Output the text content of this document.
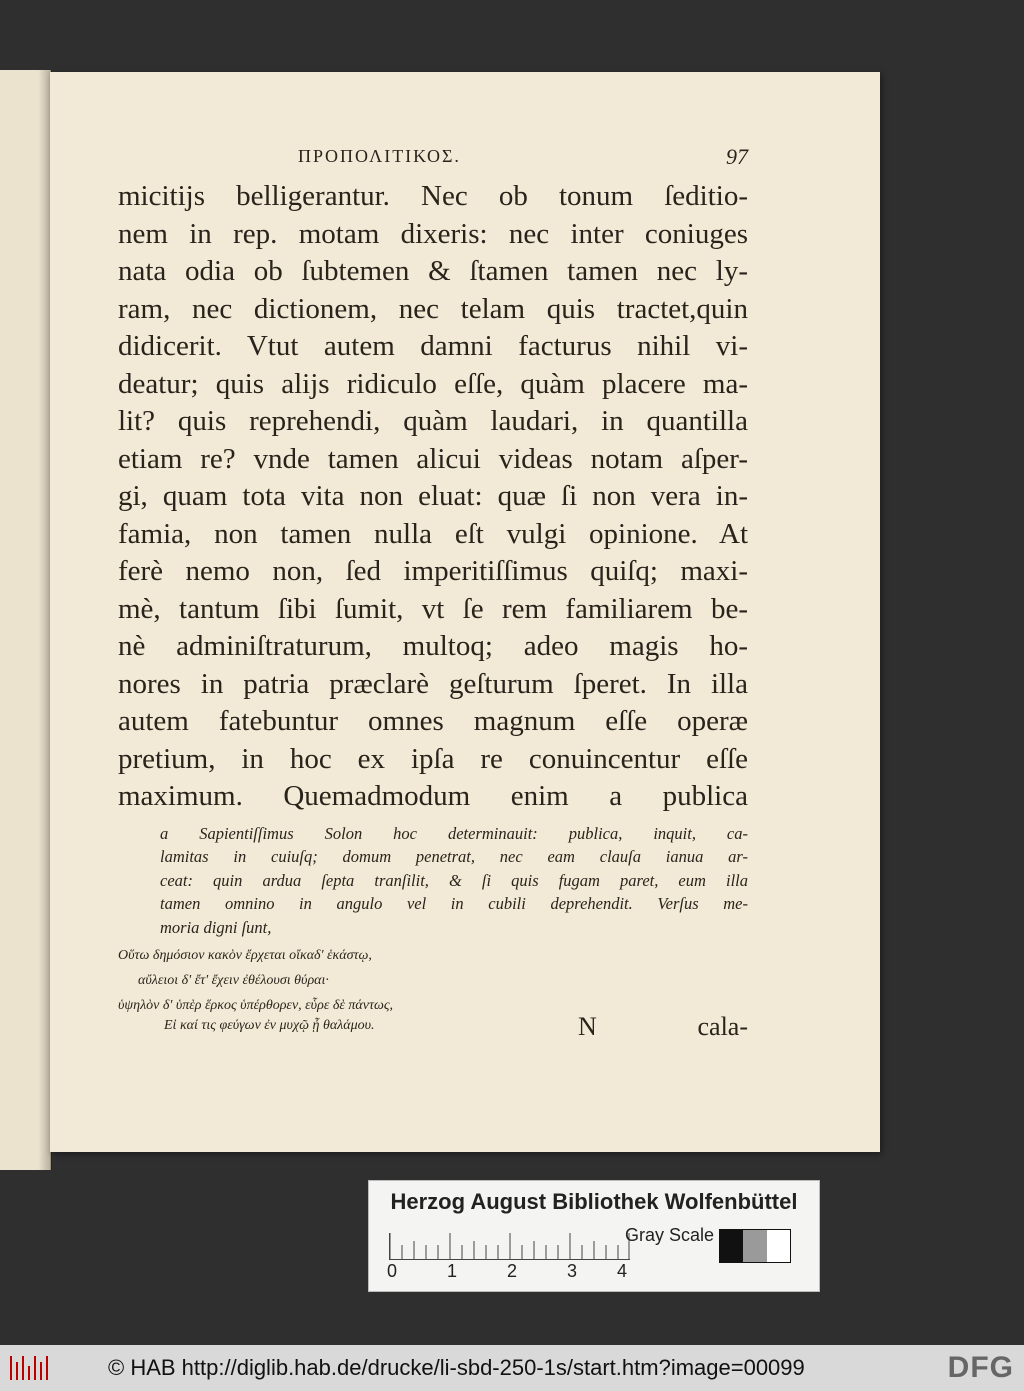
ΠΡΟΠΟΛΙΤΙΚΟΣ.	97

micitijs belligerantur. Nec ob tonum ſeditio-

nem in rep. motam dixeris: nec inter coniuges

nata odia ob ſubtemen & ſtamen tamen nec ly-

ram, nec dictionem, nec telam quis tractet,quin

didicerit. Vtut autem damni facturus nihil vi-

deatur; quis alijs ridiculo eſſe, quàm placere ma-

lit? quis reprehendi, quàm laudari, in quantilla

etiam re? vnde tamen alicui videas notam aſper-

gi, quam tota vita non eluat: quæ ſi non vera in-

famia, non tamen nulla eſt vulgi opinione. At

ferè nemo non, ſed imperitiſſimus quiſq; maxi-

mè, tantum ſibi ſumit, vt ſe rem familiarem be-

nè adminiſtraturum, multoq; adeo magis ho-

nores in patria præclarè geſturum ſperet. In illa

autem fatebuntur omnes magnum eſſe operæ

pretium, in hoc ex ipſa re conuincentur eſſe

maximum. Quemadmodum enim a publica

a Sapientiſſimus Solon hoc determinauit: publica, inquit, ca-

lamitas in cuiuſq; domum penetrat, nec eam clauſa ianua ar-

ceat: quin ardua ſepta tranſilit, & ſi quis fugam paret, eum illa

tamen omnino in angulo vel in cubili deprehendit. Verſus me-

moria digni ſunt,

Οὕτω δημόσιον κακὸν ἔρχεται οἴκαδ' ἑκάστῳ,

αὔλειοι δ' ἔτ' ἔχειν ἐθέλουσι θύραι·

ὑψηλὸν δ' ὑπὲρ ἕρκος ὑπέρθορεν, εὗρε δὲ πάντως,

Εἰ καί τις φεύγων ἐν μυχῷ ᾖ θαλάμου.	N	cala-
Herzog August Bibliothek Wolfenbüttel
0	1	2	3 4
Gray Scale
© HAB http://diglib.hab.de/drucke/li-sbd-250-1s/start.htm?image=00099	DFG
